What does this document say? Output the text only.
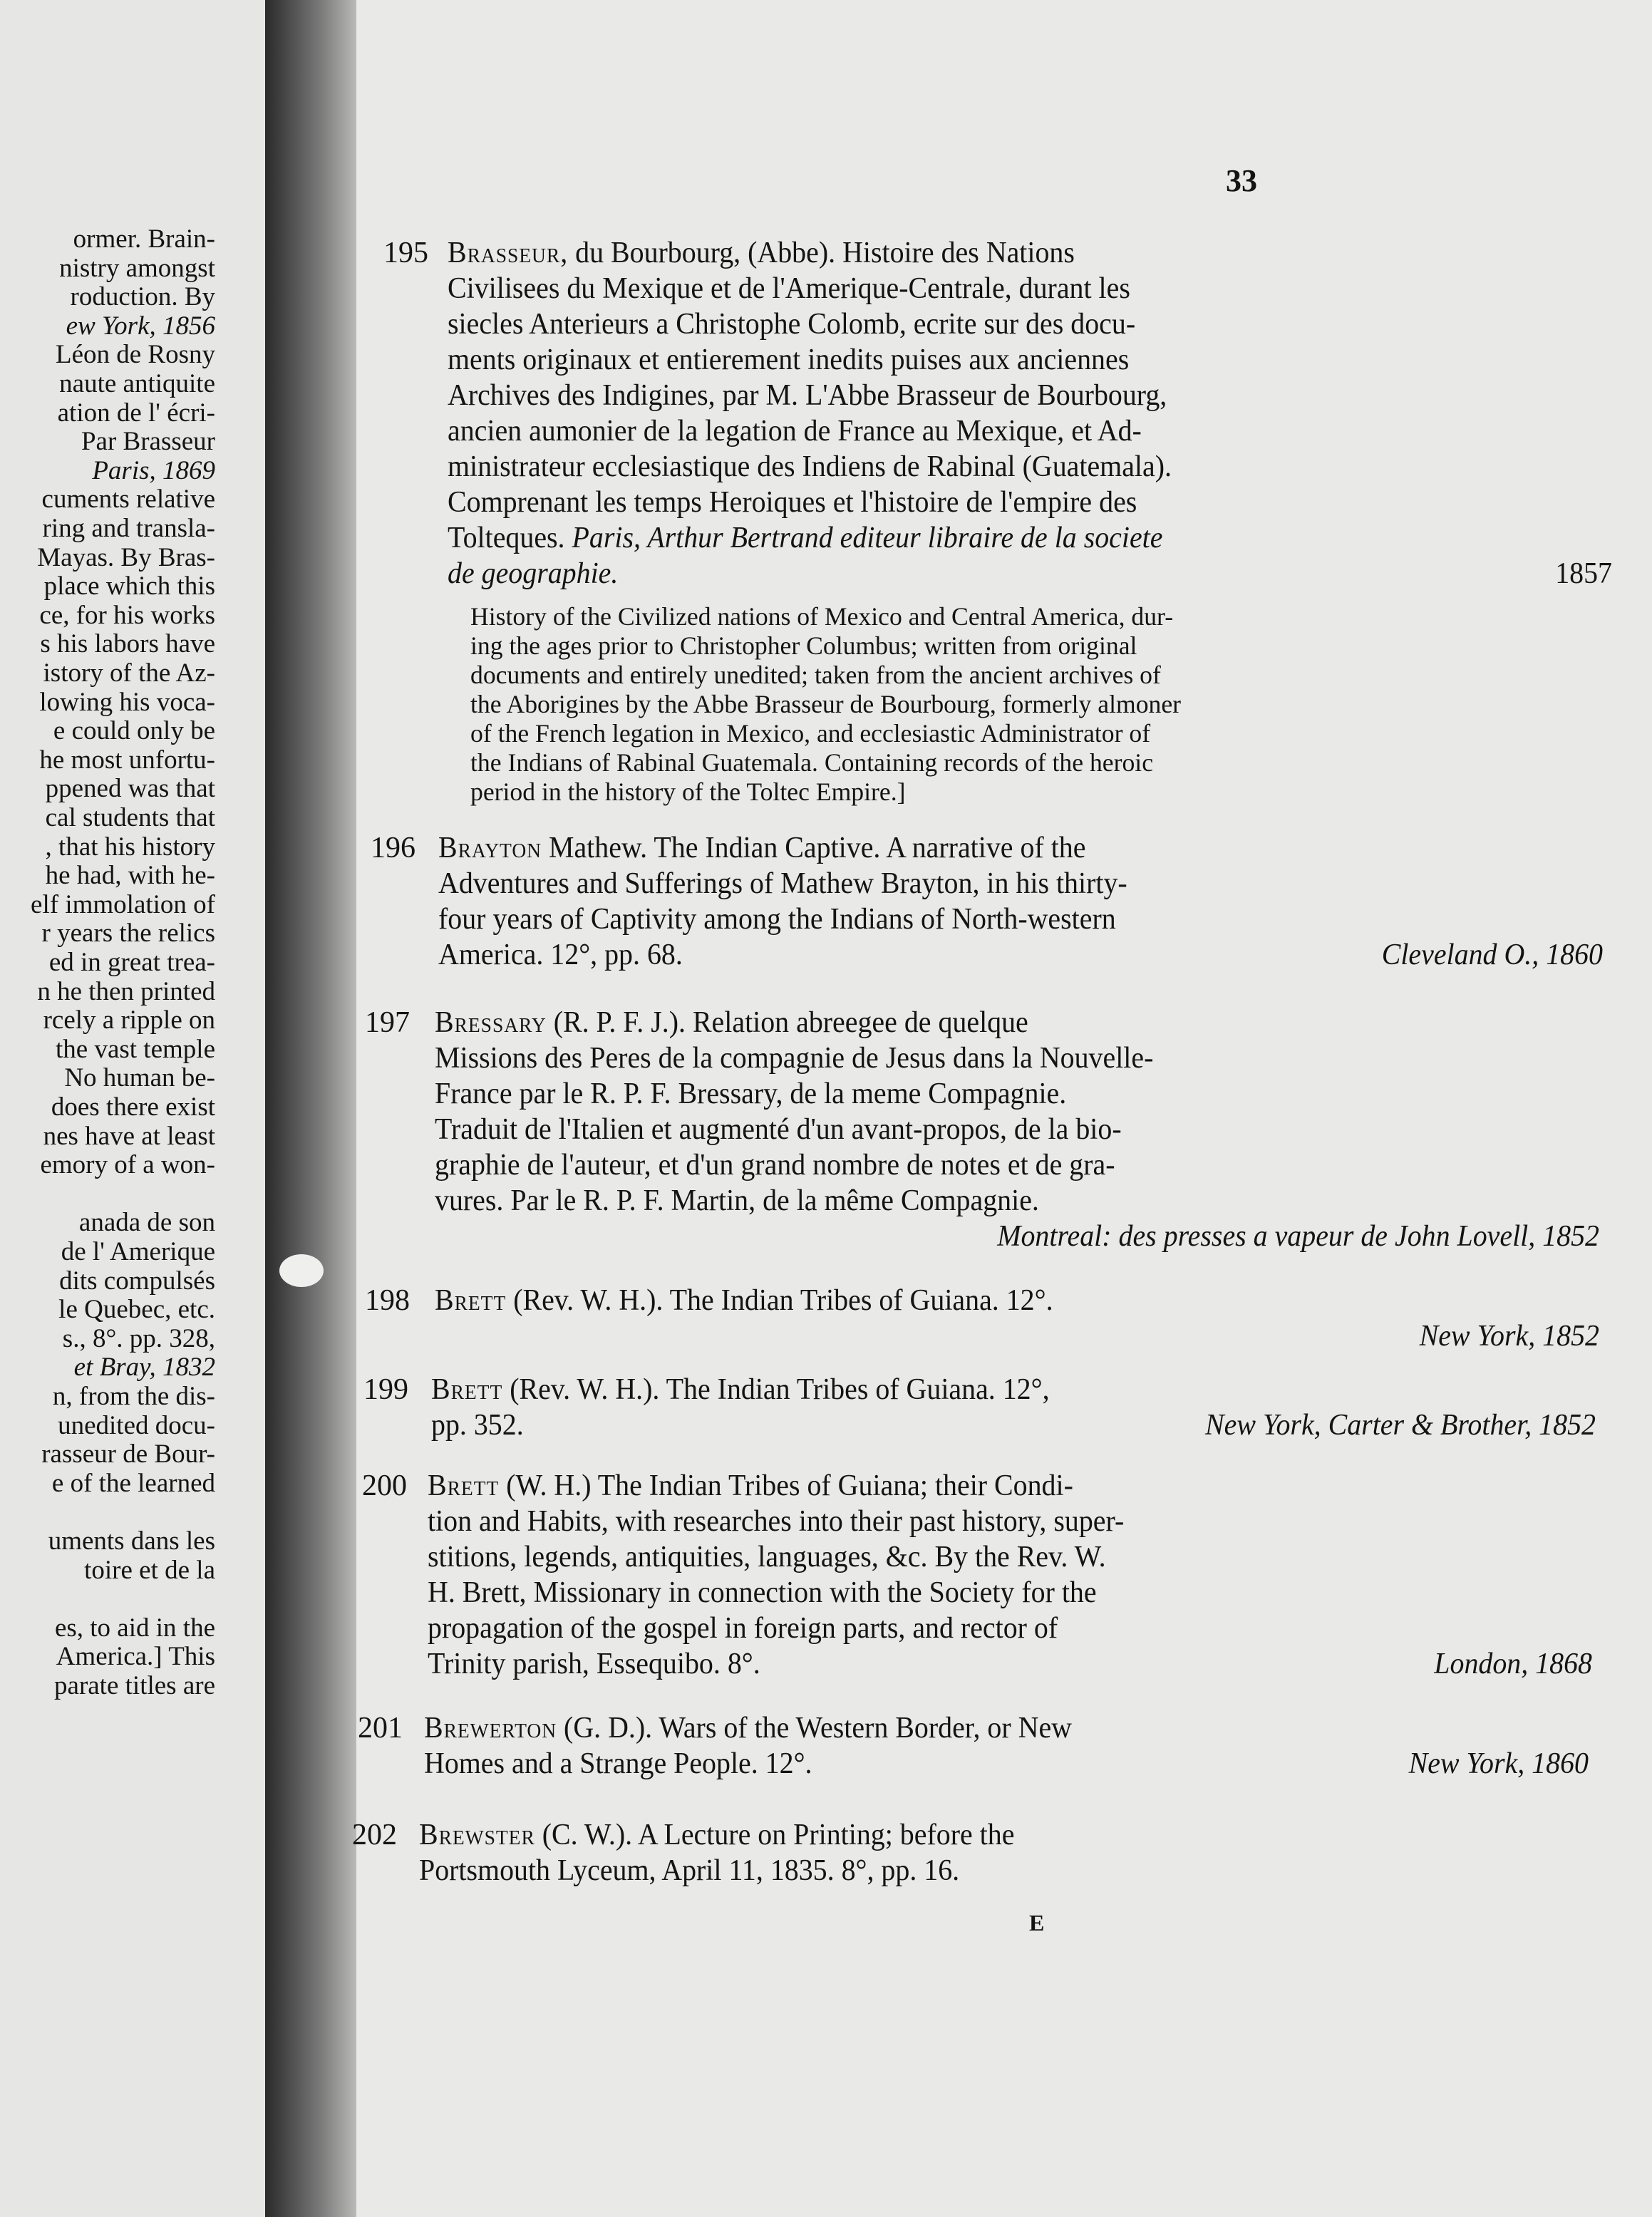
ormer. Brain-
nistry amongst
roduction. By
ew York, 1856
Léon de Rosny
naute antiquite
ation de l' écri-
Par Brasseur
Paris, 1869
cuments relative
ring and transla-
Mayas. By Bras-
place which this
ce, for his works
s his labors have
istory of the Az-
lowing his voca-
e could only be
he most unfortu-
ppened was that
cal students that
, that his history
he had, with he-
elf immolation of
r years the relics
ed in great trea-
n he then printed
rcely a ripple on
the vast temple
No human be-
does there exist
nes have at least
emory of a won-
anada de son
de l' Amerique
dits compulsés
le Quebec, etc.
s., 8°. pp. 328,
et Bray, 1832
n, from the dis-
unedited docu-
rasseur de Bour-
e of the learned
uments dans les
toire et de la
es, to aid in the
America.] This
parate titles are
33
195 Brasseur, du Bourbourg, (Abbe). Histoire des Nations
Civilisees du Mexique et de l'Amerique-Centrale, durant les
siecles Anterieurs a Christophe Colomb, ecrite sur des docu-
ments originaux et entierement inedits puises aux anciennes
Archives des Indigines, par M. L'Abbe Brasseur de Bourbourg,
ancien aumonier de la legation de France au Mexique, et Ad-
ministrateur ecclesiastique des Indiens de Rabinal (Guatemala).
Comprenant les temps Heroiques et l'histoire de l'empire des
Tolteques. Paris, Arthur Bertrand editeur libraire de la societe
de geographie.	1857
History of the Civilized nations of Mexico and Central America, dur-
ing the ages prior to Christopher Columbus; written from original
documents and entirely unedited; taken from the ancient archives of
the Aborigines by the Abbe Brasseur de Bourbourg, formerly almoner
of the French legation in Mexico, and ecclesiastic Administrator of
the Indians of Rabinal Guatemala. Containing records of the heroic
period in the history of the Toltec Empire.]
196 Brayton Mathew. The Indian Captive. A narrative of the
Adventures and Sufferings of Mathew Brayton, in his thirty-
four years of Captivity among the Indians of North-western
America. 12°, pp. 68.	Cleveland O., 1860
197 Bressary (R. P. F. J.). Relation abreegee de quelque
Missions des Peres de la compagnie de Jesus dans la Nouvelle-
France par le R. P. F. Bressary, de la meme Compagnie.
Traduit de l'Italien et augmenté d'un avant-propos, de la bio-
graphie de l'auteur, et d'un grand nombre de notes et de gra-
vures. Par le R. P. F. Martin, de la même Compagnie.
Montreal: des presses a vapeur de John Lovell, 1852
198 Brett (Rev. W. H.). The Indian Tribes of Guiana. 12°.
New York, 1852
199 Brett (Rev. W. H.). The Indian Tribes of Guiana. 12°,
pp. 352.	New York, Carter & Brother, 1852
200 Brett (W. H.) The Indian Tribes of Guiana; their Condi-
tion and Habits, with researches into their past history, super-
stitions, legends, antiquities, languages, &c. By the Rev. W.
H. Brett, Missionary in connection with the Society for the
propagation of the gospel in foreign parts, and rector of
Trinity parish, Essequibo. 8°.	London, 1868
201 Brewerton (G. D.). Wars of the Western Border, or New
Homes and a Strange People. 12°.	New York, 1860
202 Brewster (C. W.). A Lecture on Printing; before the
Portsmouth Lyceum, April 11, 1835. 8°, pp. 16.
E
